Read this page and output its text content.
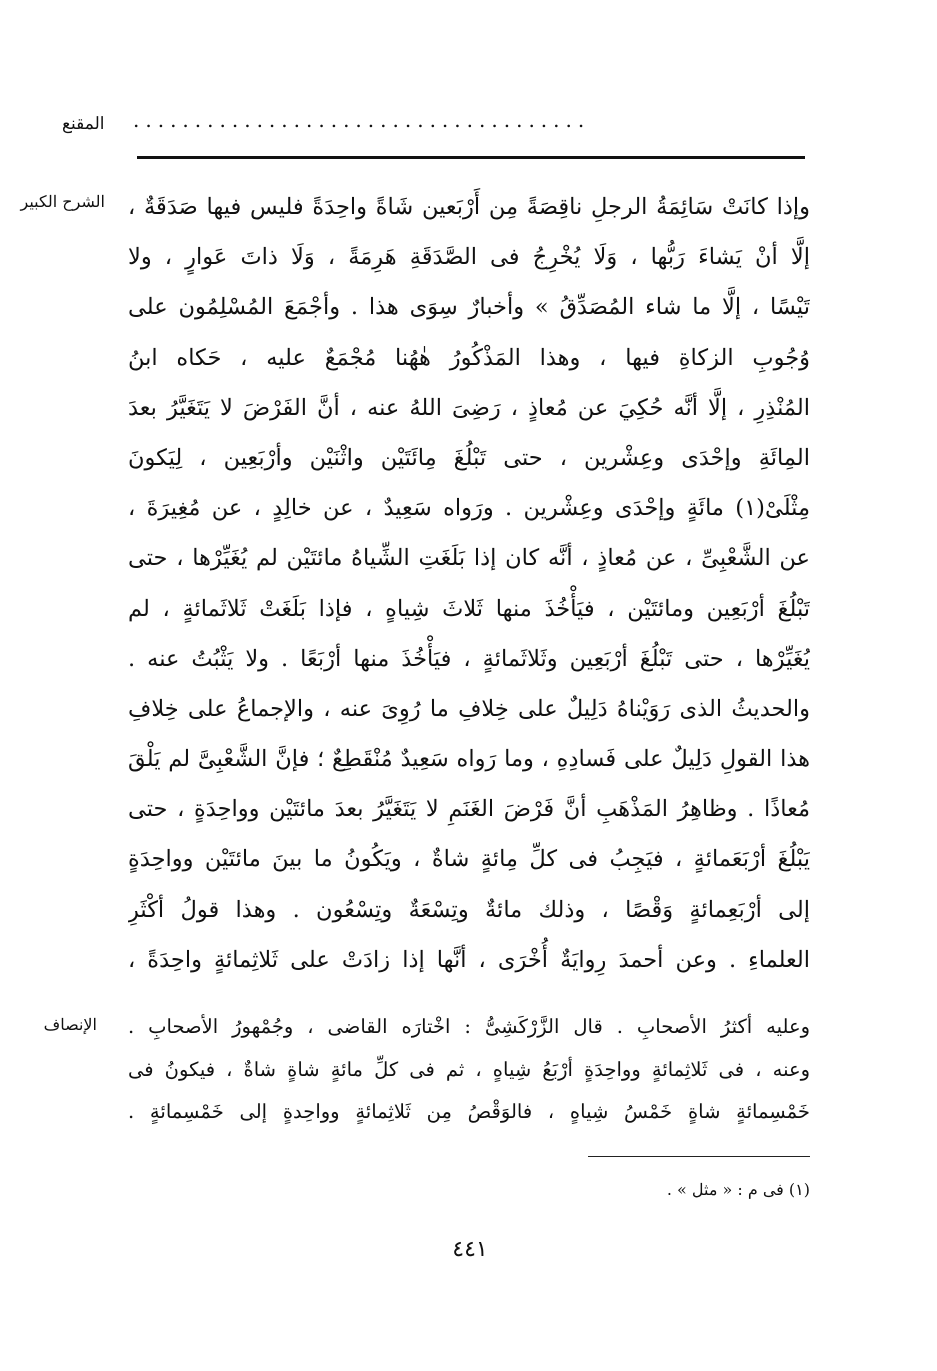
المقنع .....................................
الشرح الكبير وإذا كانَتْ سَائِمَةُ الرجلِ ناقِصَةً مِن أَرْبَعين شَاةً واحِدَةً فليس فيها صَدَقَةٌ ،
إلَّا أنْ يَشاءَ رَبُّها ، وَلَا يُخْرِجُ فى الصَّدَقَةِ هَرِمَةً ، وَلَا ذاتَ عَوارٍ ، ولا
تَيْسًا ، إلَّا ما شاء المُصَدِّقُ » وأخبارٌ سِوَى هذا . وأجْمَعَ المُسْلِمُون على
وُجُوبِ الزكاةِ فيها ، وهذا المَذْكُورُ هٰهُنا مُجْمَعٌ عليه ، حَكاه ابنُ
المُنْذِرِ ، إلَّا أنَّه حُكِيَ عن مُعاذٍ ، رَضِىَ اللهُ عنه ، أنَّ الفَرْضَ لا يَتَغَيَّرُ بعدَ
المِائَةِ وإحْدَى وعِشْرين ، حتى تَبْلُغَ مِائَتَيْن واثْنَيْن وأرْبَعِين ، لِيَكونَ
مِثْلَىْ(١) مائَةٍ وإحْدَى وعِشْرين . ورَواه سَعِيدٌ ، عن خالِدٍ ، عن مُغِيرَةَ ،
عن الشَّعْبِىِّ ، عن مُعاذٍ ، أنَّه كان إذا بَلَغَتِ الشِّياهُ مائتَيْن لم يُغَيِّرْها ، حتى
تَبْلُغَ أرْبَعِين ومائتَيْن ، فيَأْخُذَ منها ثَلاثَ شِياهٍ ، فإذا بَلَغَتْ ثَلاثَمائةٍ ، لم
يُغَيِّرْها ، حتى تَبْلُغَ أرْبَعِين وثَلاثَمائةٍ ، فيَأْخُذَ منها أرْبَعًا . ولا يَثْبُتُ عنه .
والحديثُ الذى رَوَيْناهُ دَلِيلٌ على خِلافِ ما رُوِىَ عنه ، والإجماعُ على خِلافِ
هذا القولِ دَلِيلٌ على فَسادِهِ ، وما رَواه سَعِيدٌ مُنْقَطِعٌ ؛ فإنَّ الشَّعْبِىَّ لم يَلْقَ
مُعاذًا . وظاهِرُ المَذْهَبِ أنَّ فَرْضَ الغَنَمِ لا يَتَغَيَّرُ بعدَ مائتَيْن وواحِدَةٍ ، حتى
يَبْلُغَ أرْبَعَمائةٍ ، فيَجِبُ فى كلِّ مِائةٍ شاةٌ ، ويَكُونُ ما بينَ مائتَيْن وواحِدَةٍ
إلى أرْبَعِمائةٍ وَقْصًا ، وذلك مائةٌ وتِسْعَةٌ وتِسْعُون . وهذا قولُ أكْثَرِ
العلماءِ . وعن أحمدَ رِوايَةٌ أُخْرَى ، أنَّها إذا زادَتْ على ثَلاثِمائةٍ واحِدَةً ،
الإنصاف وعليه أكثرُ الأصحابِ . قال الزَّرْكَشِىُّ : اخْتارَه القاضى ، وجُمْهورُ الأصحابِ .
وعنه ، فى ثَلاثِمائةٍ وواحِدَةٍ أرْبَعُ شِياهٍ ، ثم فى كلِّ مائةٍ شاةٍ شاةٌ ، فيكونُ فى
خَمْسِمائةٍ شاةٍ خَمْسُ شِياهٍ ، فالوَقْصُ مِن ثَلاثِمائةٍ وواحِدةٍ إلى خَمْسِمائةٍ .
(١) فى م : « مثل » .
٤٤١
